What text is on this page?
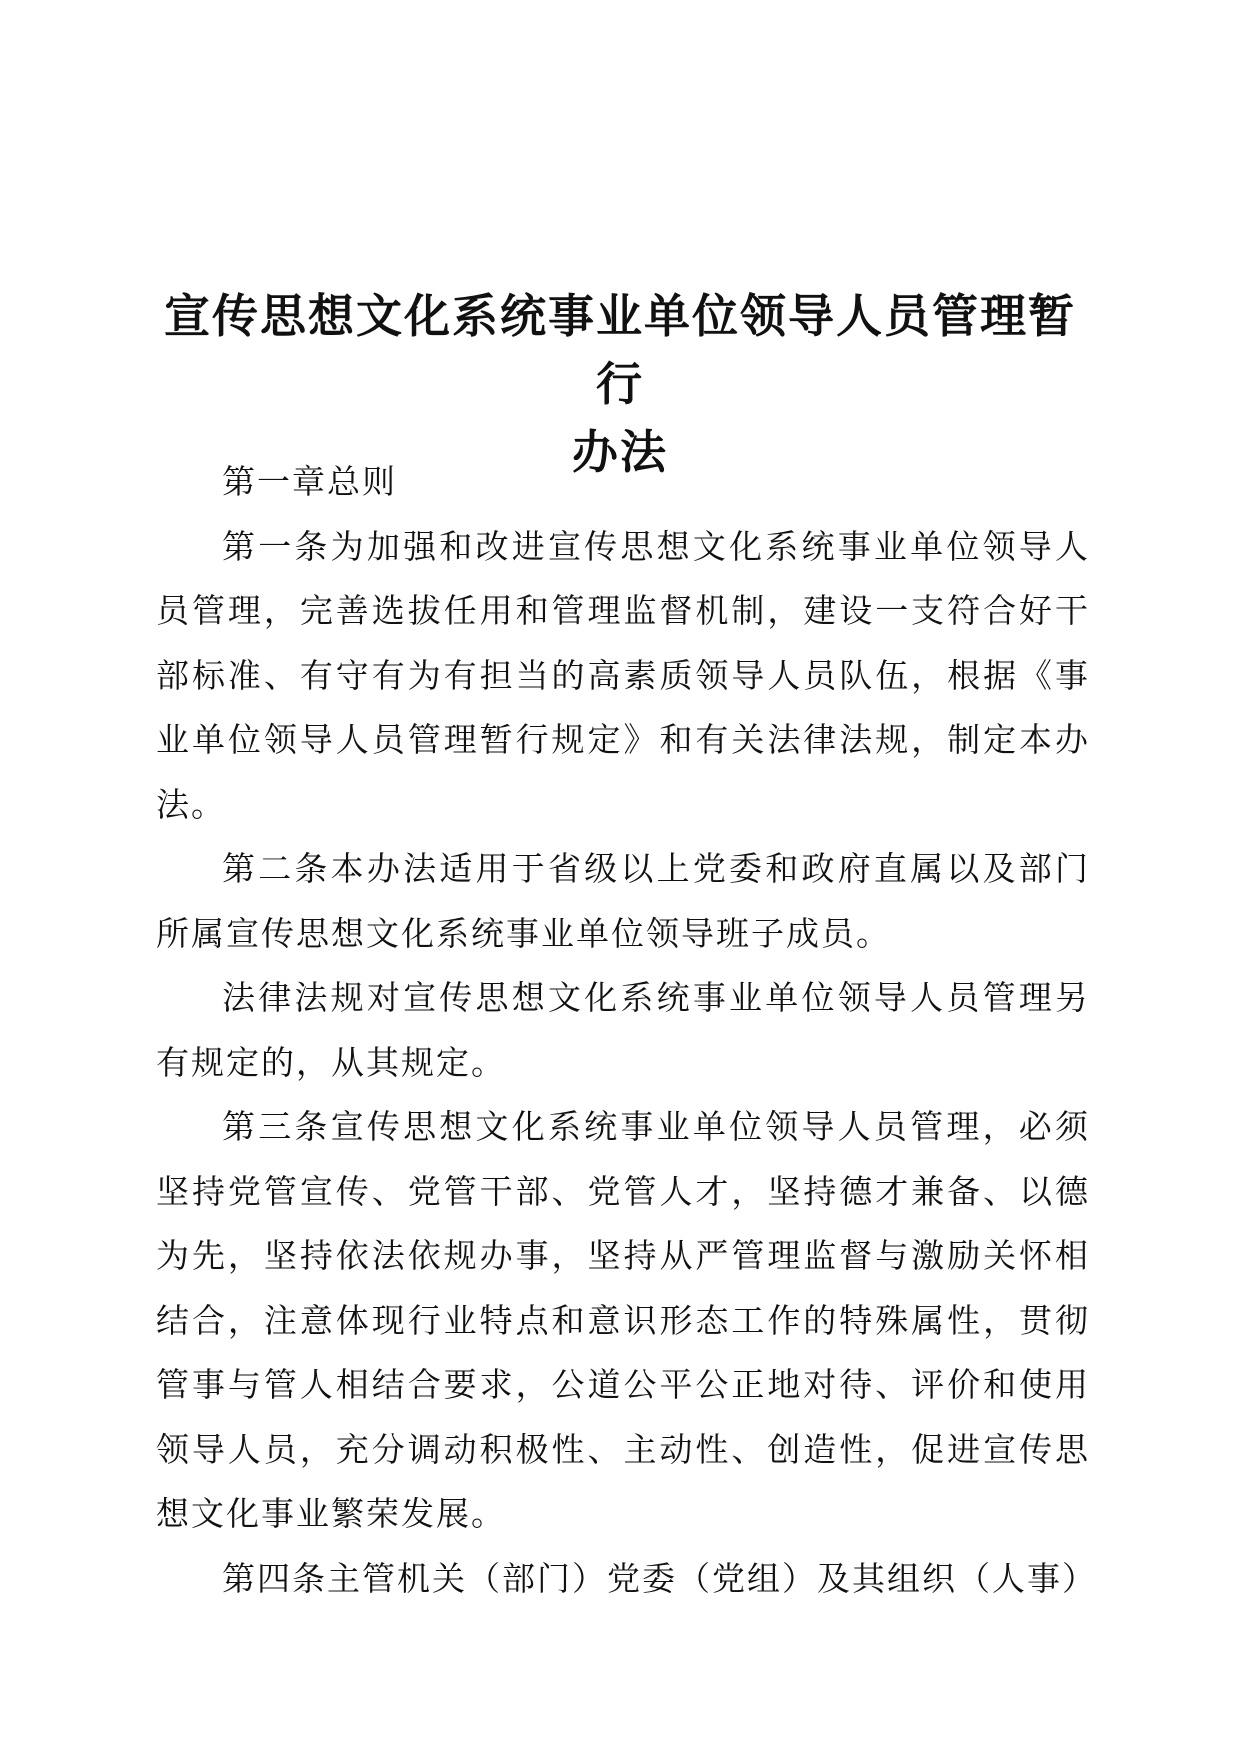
宣传思想文化系统事业单位领导人员管理暂行
办法

第一章总则

第一条为加强和改进宣传思想文化系统事业单位领导人员管理，完善选拔任用和管理监督机制，建设一支符合好干部标准、有守有为有担当的高素质领导人员队伍，根据《事业单位领导人员管理暂行规定》和有关法律法规，制定本办法。

第二条本办法适用于省级以上党委和政府直属以及部门所属宣传思想文化系统事业单位领导班子成员。

法律法规对宣传思想文化系统事业单位领导人员管理另有规定的，从其规定。

第三条宣传思想文化系统事业单位领导人员管理，必须坚持党管宣传、党管干部、党管人才，坚持德才兼备、以德为先，坚持依法依规办事，坚持从严管理监督与激励关怀相结合，注意体现行业特点和意识形态工作的特殊属性，贯彻管事与管人相结合要求，公道公平公正地对待、评价和使用领导人员，充分调动积极性、主动性、创造性，促进宣传思想文化事业繁荣发展。

第四条主管机关（部门）党委（党组）及其组织（人事）
